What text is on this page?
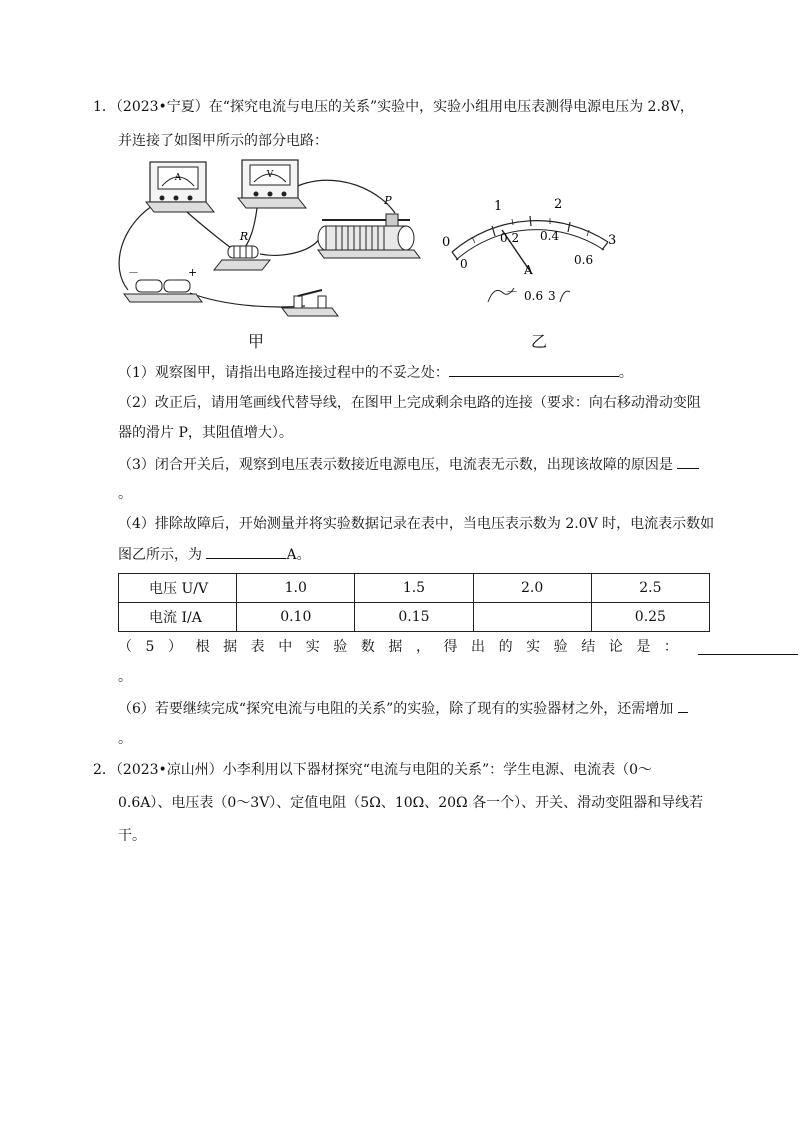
1．（2023•宁夏）在“探究电流与电压的关系”实验中，实验小组用电压表测得电源电压为 2.8V，
并连接了如图甲所示的部分电路：
A	V
R
P
－	+
甲
0
1	2
3
0
0.2 0.4
0.6
A
－ 0.6 3
乙
（1）观察图甲，请指出电路连接过程中的不妥之处：	。
（2）改正后，请用笔画线代替导线，在图甲上完成剩余电路的连接（要求：向右移动滑动变阻
器的滑片 P，其阻值增大）。
（3）闭合开关后，观察到电压表示数接近电源电压，电流表无示数，出现该故障的原因是
。
（4）排除故障后，开始测量并将实验数据记录在表中，当电压表示数为 2.0V 时，电流表示数如
图乙所示，为	A。
电压 U/V	1.0	1.5	2.0	2.5
电流 I/A	0.10	0.15		0.25
（ 5 ） 根 据 表 中 实 验 数 据 ， 得 出 的 实 验 结 论 是 ：
。
（6）若要继续完成“探究电流与电阻的关系”的实验，除了现有的实验器材之外，还需增加
。
2．（2023•凉山州）小李利用以下器材探究“电流与电阻的关系”：学生电源、电流表（0～
0.6A）、电压表（0～3V）、定值电阻（5Ω、10Ω、20Ω 各一个）、开关、滑动变阻器和导线若
干。
